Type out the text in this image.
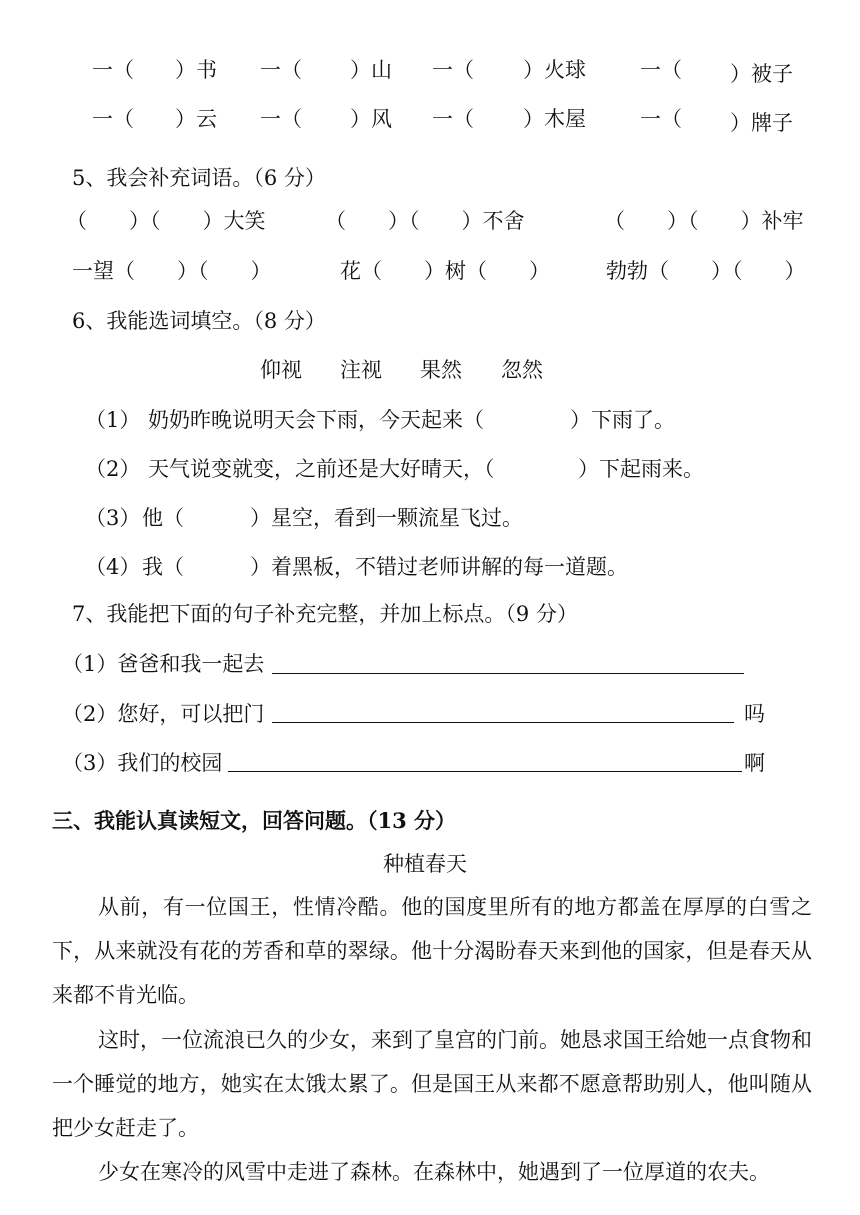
一（ ）书 一（ ）山 一（ ）火球	一（ ）被子
一（ ）云 一（ ）风 一（ ）木屋	一（ ）牌子
5、我会补充词语。（6 分）
（　　）（　　）大笑	（　　）（　　）不舍	（　　）（　　）补牢
一望（　　）（　　）	花（　　）树（　　）	勃勃（　　）（　　）
6、我能选词填空。（8 分）
仰视 注视 果然 忽然
（1） 奶奶昨晚说明天会下雨，今天起来（	）下雨了。
（2） 天气说变就变，之前还是大好晴天，（	）下起雨来。
（3） 他（	）星空，看到一颗流星飞过。
（4） 我（	）着黑板，不错过老师讲解的每一道题。
7、我能把下面的句子补充完整，并加上标点。（9 分）
（1）爸爸和我一起去
（2）您好，可以把门	吗
（3）我们的校园	啊
三、我能认真读短文，回答问题。（13 分）
种植春天
从前，有一位国王，性情冷酷。他的国度里所有的地方都盖在厚厚的白雪之下，从来就没有花的芳香和草的翠绿。他十分渴盼春天来到他的国家，但是春天从来都不肯光临。
这时，一位流浪已久的少女，来到了皇宫的门前。她恳求国王给她一点食物和一个睡觉的地方，她实在太饿太累了。但是国王从来都不愿意帮助别人，他叫随从把少女赶走了。
少女在寒冷的风雪中走进了森林。在森林中，她遇到了一位厚道的农夫。
